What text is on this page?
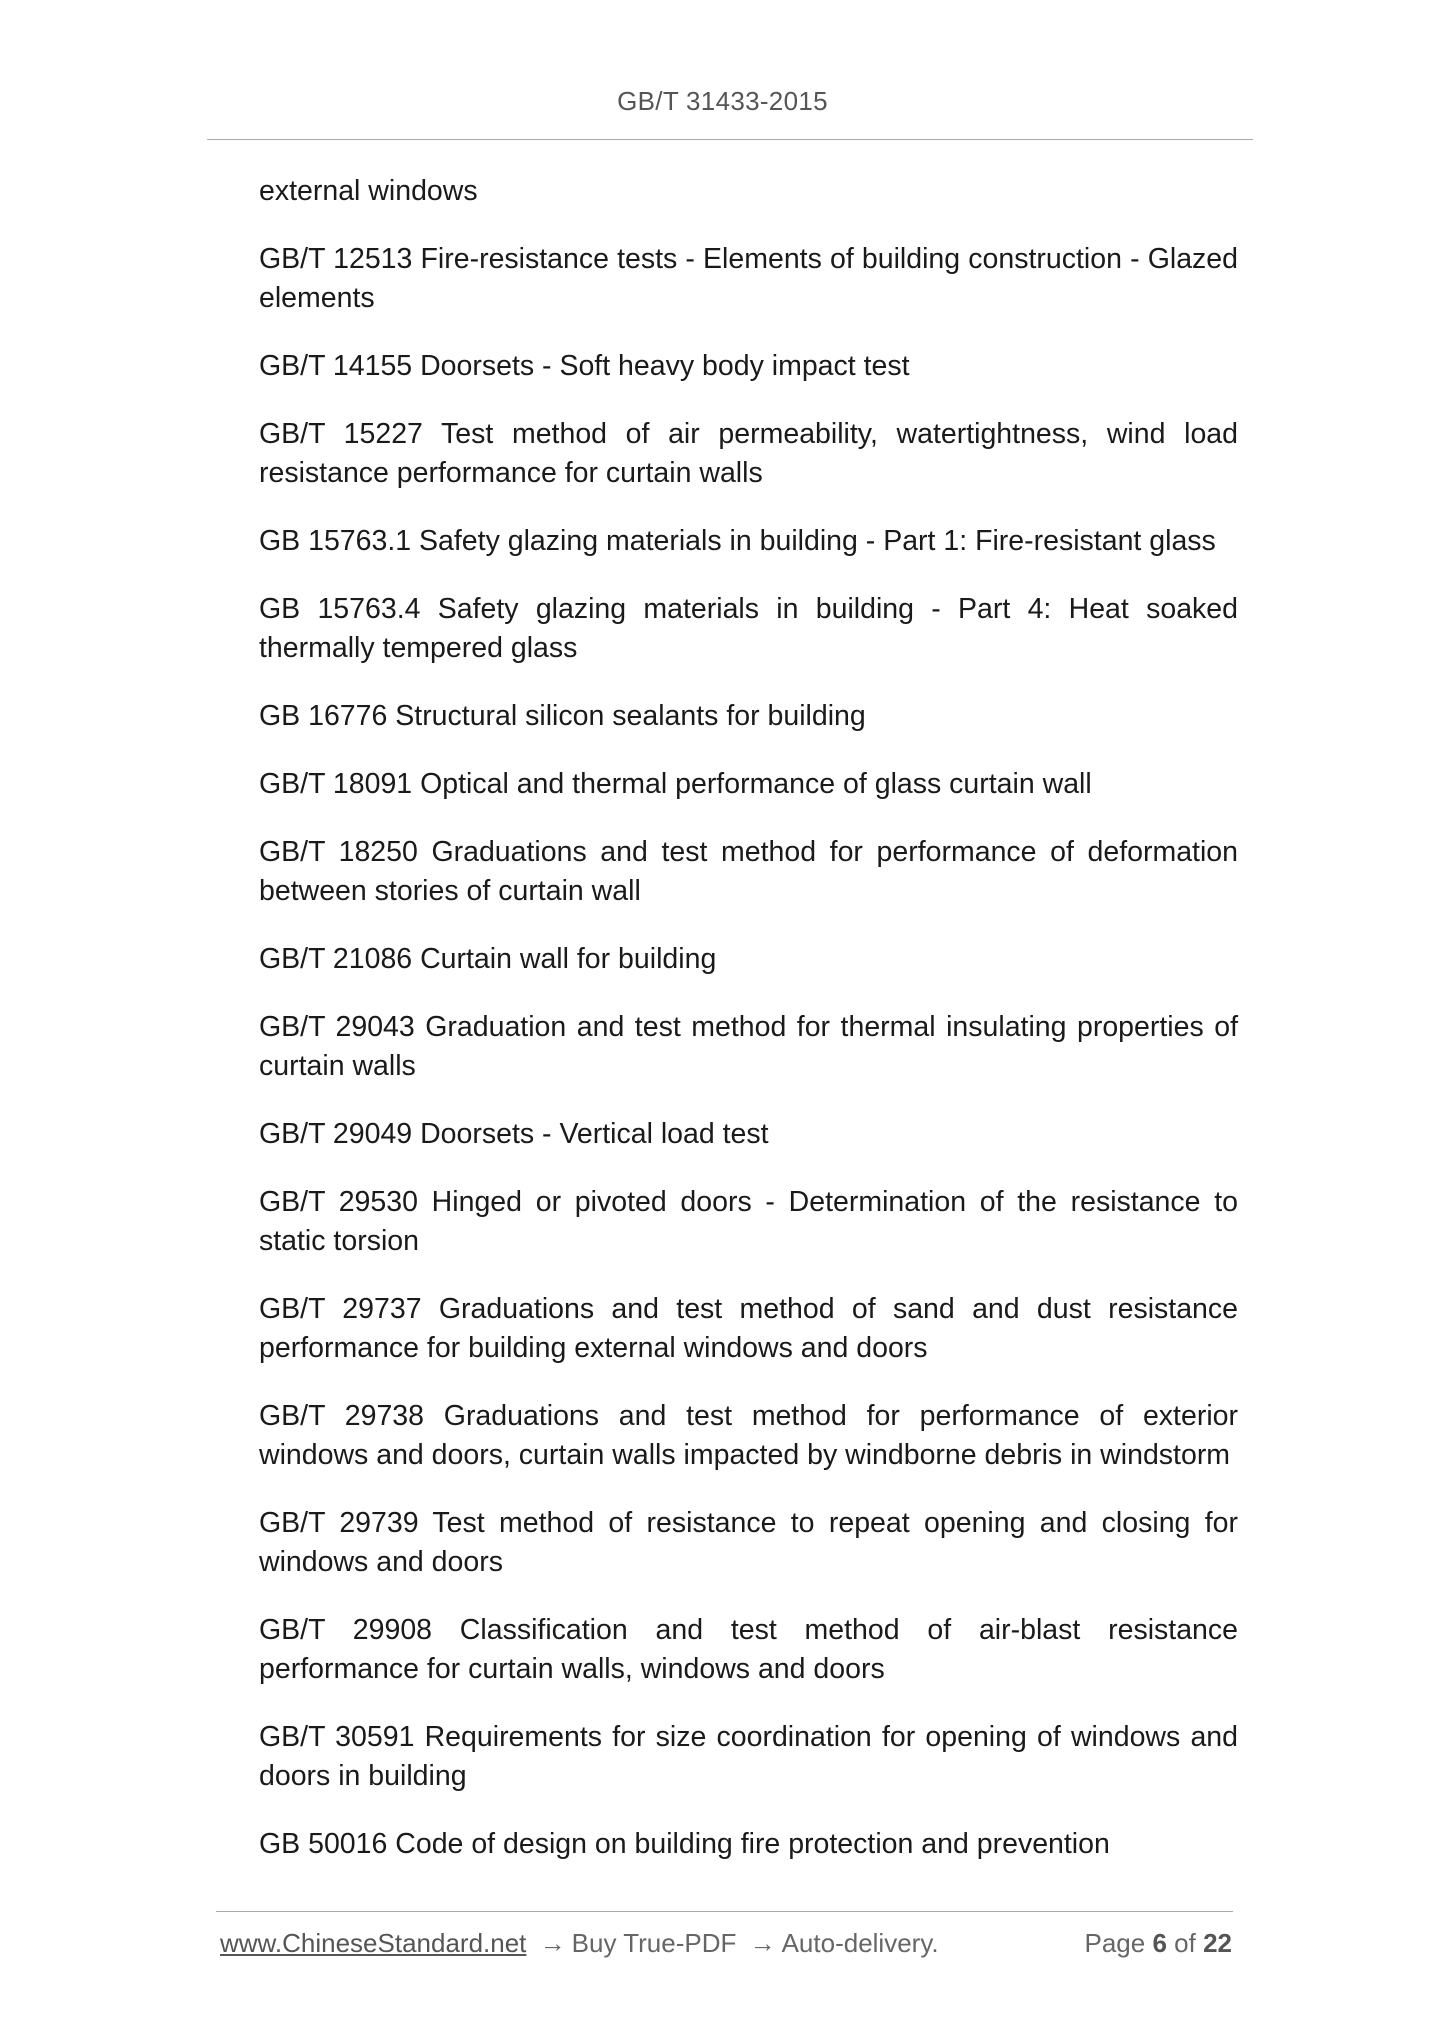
GB/T 31433-2015

external windows

GB/T 12513 Fire-resistance tests - Elements of building construction - Glazed elements

GB/T 14155 Doorsets - Soft heavy body impact test

GB/T 15227 Test method of air permeability, watertightness, wind load resistance performance for curtain walls

GB 15763.1 Safety glazing materials in building - Part 1: Fire-resistant glass

GB 15763.4 Safety glazing materials in building - Part 4: Heat soaked thermally tempered glass

GB 16776 Structural silicon sealants for building

GB/T 18091 Optical and thermal performance of glass curtain wall

GB/T 18250 Graduations and test method for performance of deformation between stories of curtain wall

GB/T 21086 Curtain wall for building

GB/T 29043 Graduation and test method for thermal insulating properties of curtain walls

GB/T 29049 Doorsets - Vertical load test

GB/T 29530 Hinged or pivoted doors - Determination of the resistance to static torsion

GB/T 29737 Graduations and test method of sand and dust resistance performance for building external windows and doors

GB/T 29738 Graduations and test method for performance of exterior windows and doors, curtain walls impacted by windborne debris in windstorm

GB/T 29739 Test method of resistance to repeat opening and closing for windows and doors

GB/T 29908 Classification and test method of air-blast resistance performance for curtain walls, windows and doors

GB/T 30591 Requirements for size coordination for opening of windows and doors in building

GB 50016 Code of design on building fire protection and prevention

www.ChineseStandard.net → Buy True-PDF → Auto-delivery.	Page 6 of 22
